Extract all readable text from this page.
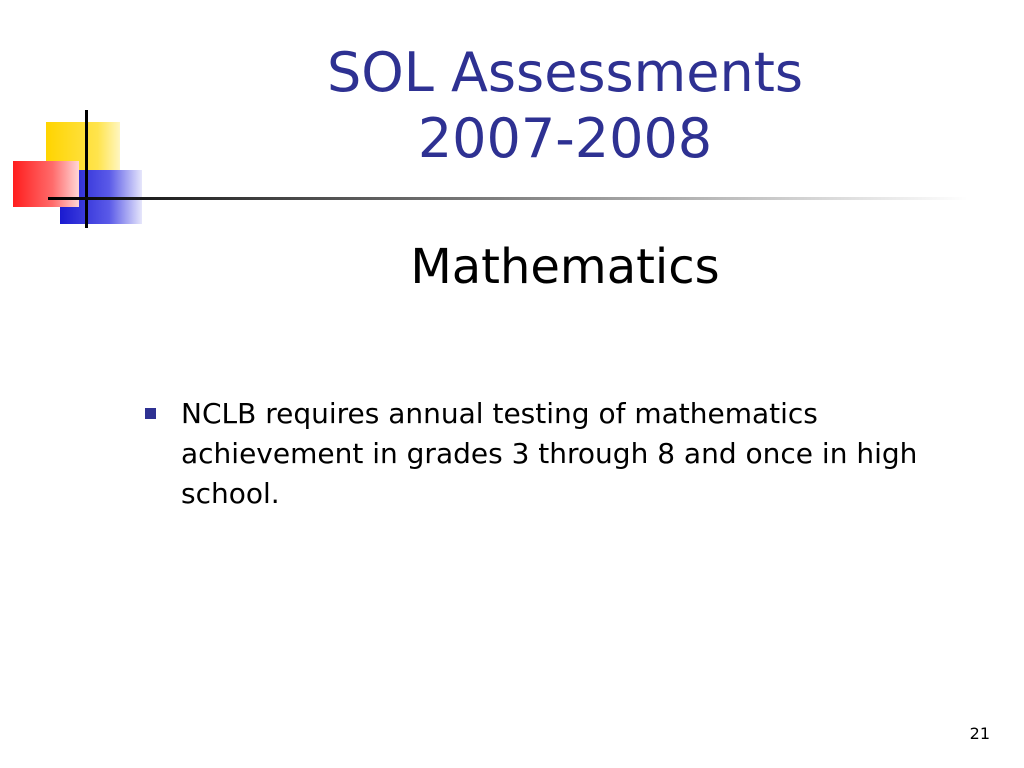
SOL Assessments
2007-2008
Mathematics
NCLB requires annual testing of mathematics achievement in grades 3 through 8 and once in high school.
21
